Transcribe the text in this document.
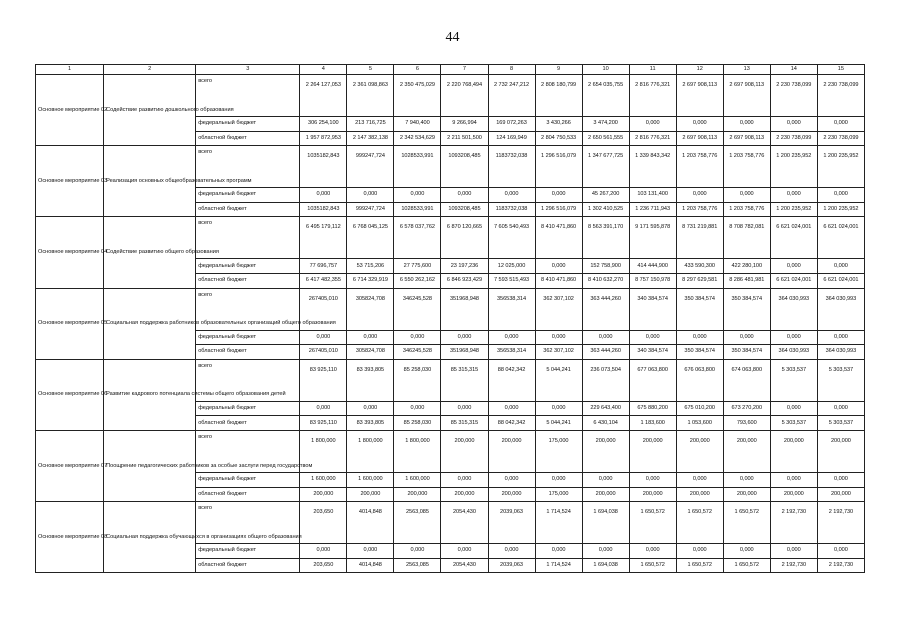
44
1	2	3	4	5	6	7	8	9	10	11	12	13	14	15
Основное мероприятие 02	Содействие развитию дошкольного образования	всего	2 264 127,053	2 361 098,863	2 350 475,029	2 220 768,494	2 732 247,212	2 808 180,799	2 654 035,755	2 816 776,321	2 697 908,113	2 697 908,113	2 230 738,099	2 230 738,099
		федеральный бюджет	306 254,100	213 716,725	7 940,400	9 266,994	169 072,263	3 430,266	3 474,200	0,000	0,000	0,000	0,000	0,000
		областной бюджет	1 957 872,953	2 147 382,138	2 342 534,629	2 211 501,500	124 169,949	2 804 750,533	2 650 561,555	2 816 776,321	2 697 908,113	2 697 908,113	2 230 738,099	2 230 738,099
Основное мероприятие 03	Реализация основных общеобразовательных программ	всего	1035182,843	999247,724	1028533,991	1093208,485	1183732,038	1 296 516,079	1 347 677,725	1 339 843,342	1 203 758,776	1 203 758,776	1 200 235,952	1 200 235,952
		федеральный бюджет	0,000	0,000	0,000	0,000	0,000	0,000	45 267,200	103 131,400	0,000	0,000	0,000	0,000
		областной бюджет	1035182,843	999247,724	1028533,991	1093208,485	1183732,038	1 296 516,079	1 302 410,525	1 236 711,943	1 203 758,776	1 203 758,776	1 200 235,952	1 200 235,952
Основное мероприятие 04	Содействие развитию общего образования	всего	6 495 179,112	6 768 045,125	6 578 037,762	6 870 120,665	7 605 540,493	8 410 471,860	8 563 391,170	9 171 595,878	8 731 219,881	8 708 782,081	6 621 024,001	6 621 024,001
		федеральный бюджет	77 696,757	53 715,206	27 775,600	23 197,236	12 025,000	0,000	152 758,900	414 444,900	433 590,300	422 280,100	0,000	0,000
		областной бюджет	6 417 482,355	6 714 329,919	6 550 262,162	6 846 923,429	7 593 515,493	8 410 471,860	8 410 632,270	8 757 150,978	8 297 629,581	8 286 481,981	6 621 024,001	6 621 024,001
Основное мероприятие 05	Социальная поддержка работников образовательных организаций общего образования	всего	267405,010	305824,708	346245,528	351968,948	356538,314	362 307,102	363 444,260	340 384,574	350 384,574	350 384,574	364 030,993	364 030,993
		федеральный бюджет	0,000	0,000	0,000	0,000	0,000	0,000	0,000	0,000	0,000	0,000	0,000	0,000
		областной бюджет	267405,010	305824,708	346245,528	351968,948	356538,314	362 307,102	363 444,260	340 384,574	350 384,574	350 384,574	364 030,993	364 030,993
Основное мероприятие 06	Развитие кадрового потенциала системы общего образования детей	всего	83 925,110	83 393,805	85 258,030	85 315,315	88 042,342	5 044,241	236 073,504	677 063,800	676 063,800	674 063,800	5 303,537	5 303,537
		федеральный бюджет	0,000	0,000	0,000	0,000	0,000	0,000	229 643,400	675 880,200	675 010,200	673 270,200	0,000	0,000
		областной бюджет	83 925,110	83 393,805	85 258,030	85 315,315	88 042,342	5 044,241	6 430,104	1 183,600	1 053,600	793,600	5 303,537	5 303,537
Основное мероприятие 07	Поощрение педагогических работников за особые заслуги перед государством	всего	1 800,000	1 800,000	1 800,000	200,000	200,000	175,000	200,000	200,000	200,000	200,000	200,000	200,000
		федеральный бюджет	1 600,000	1 600,000	1 600,000	0,000	0,000	0,000	0,000	0,000	0,000	0,000	0,000	0,000
		областной бюджет	200,000	200,000	200,000	200,000	200,000	175,000	200,000	200,000	200,000	200,000	200,000	200,000
Основное мероприятие 08	Социальная поддержка обучающихся в организациях общего образования	всего	203,650	4014,848	2563,085	2054,430	2039,063	1 714,524	1 694,038	1 650,572	1 650,572	1 650,572	2 192,730	2 192,730
		федеральный бюджет	0,000	0,000	0,000	0,000	0,000	0,000	0,000	0,000	0,000	0,000	0,000	0,000
		областной бюджет	203,650	4014,848	2563,085	2054,430	2039,063	1 714,524	1 694,038	1 650,572	1 650,572	1 650,572	2 192,730	2 192,730
